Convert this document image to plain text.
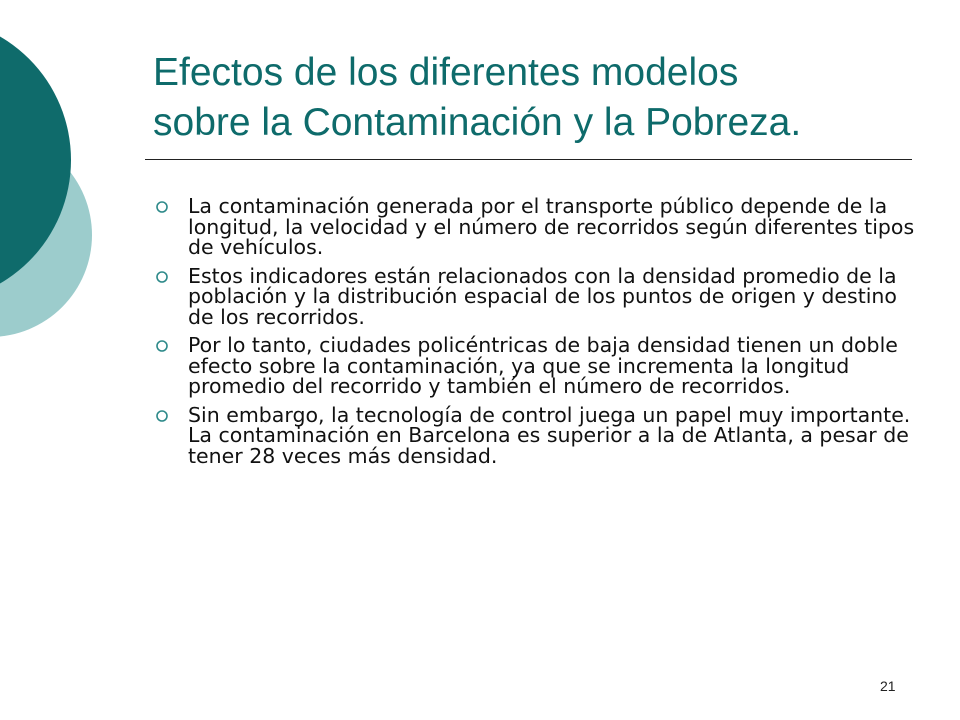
Efectos de los diferentes modelos
sobre la Contaminación y la Pobreza.
La contaminación generada por el transporte público depende de la longitud, la velocidad y el número de recorridos según diferentes tipos de vehículos.
Estos indicadores están relacionados con la densidad promedio de la población y la distribución espacial de los puntos de origen y destino de los recorridos.
Por lo tanto, ciudades policéntricas de baja densidad tienen un doble efecto sobre la contaminación, ya que se incrementa la longitud promedio del recorrido y también el número de recorridos.
Sin embargo, la tecnología de control juega un papel muy importante. La contaminación en Barcelona es superior a la de Atlanta, a pesar de tener 28 veces más densidad.
21
